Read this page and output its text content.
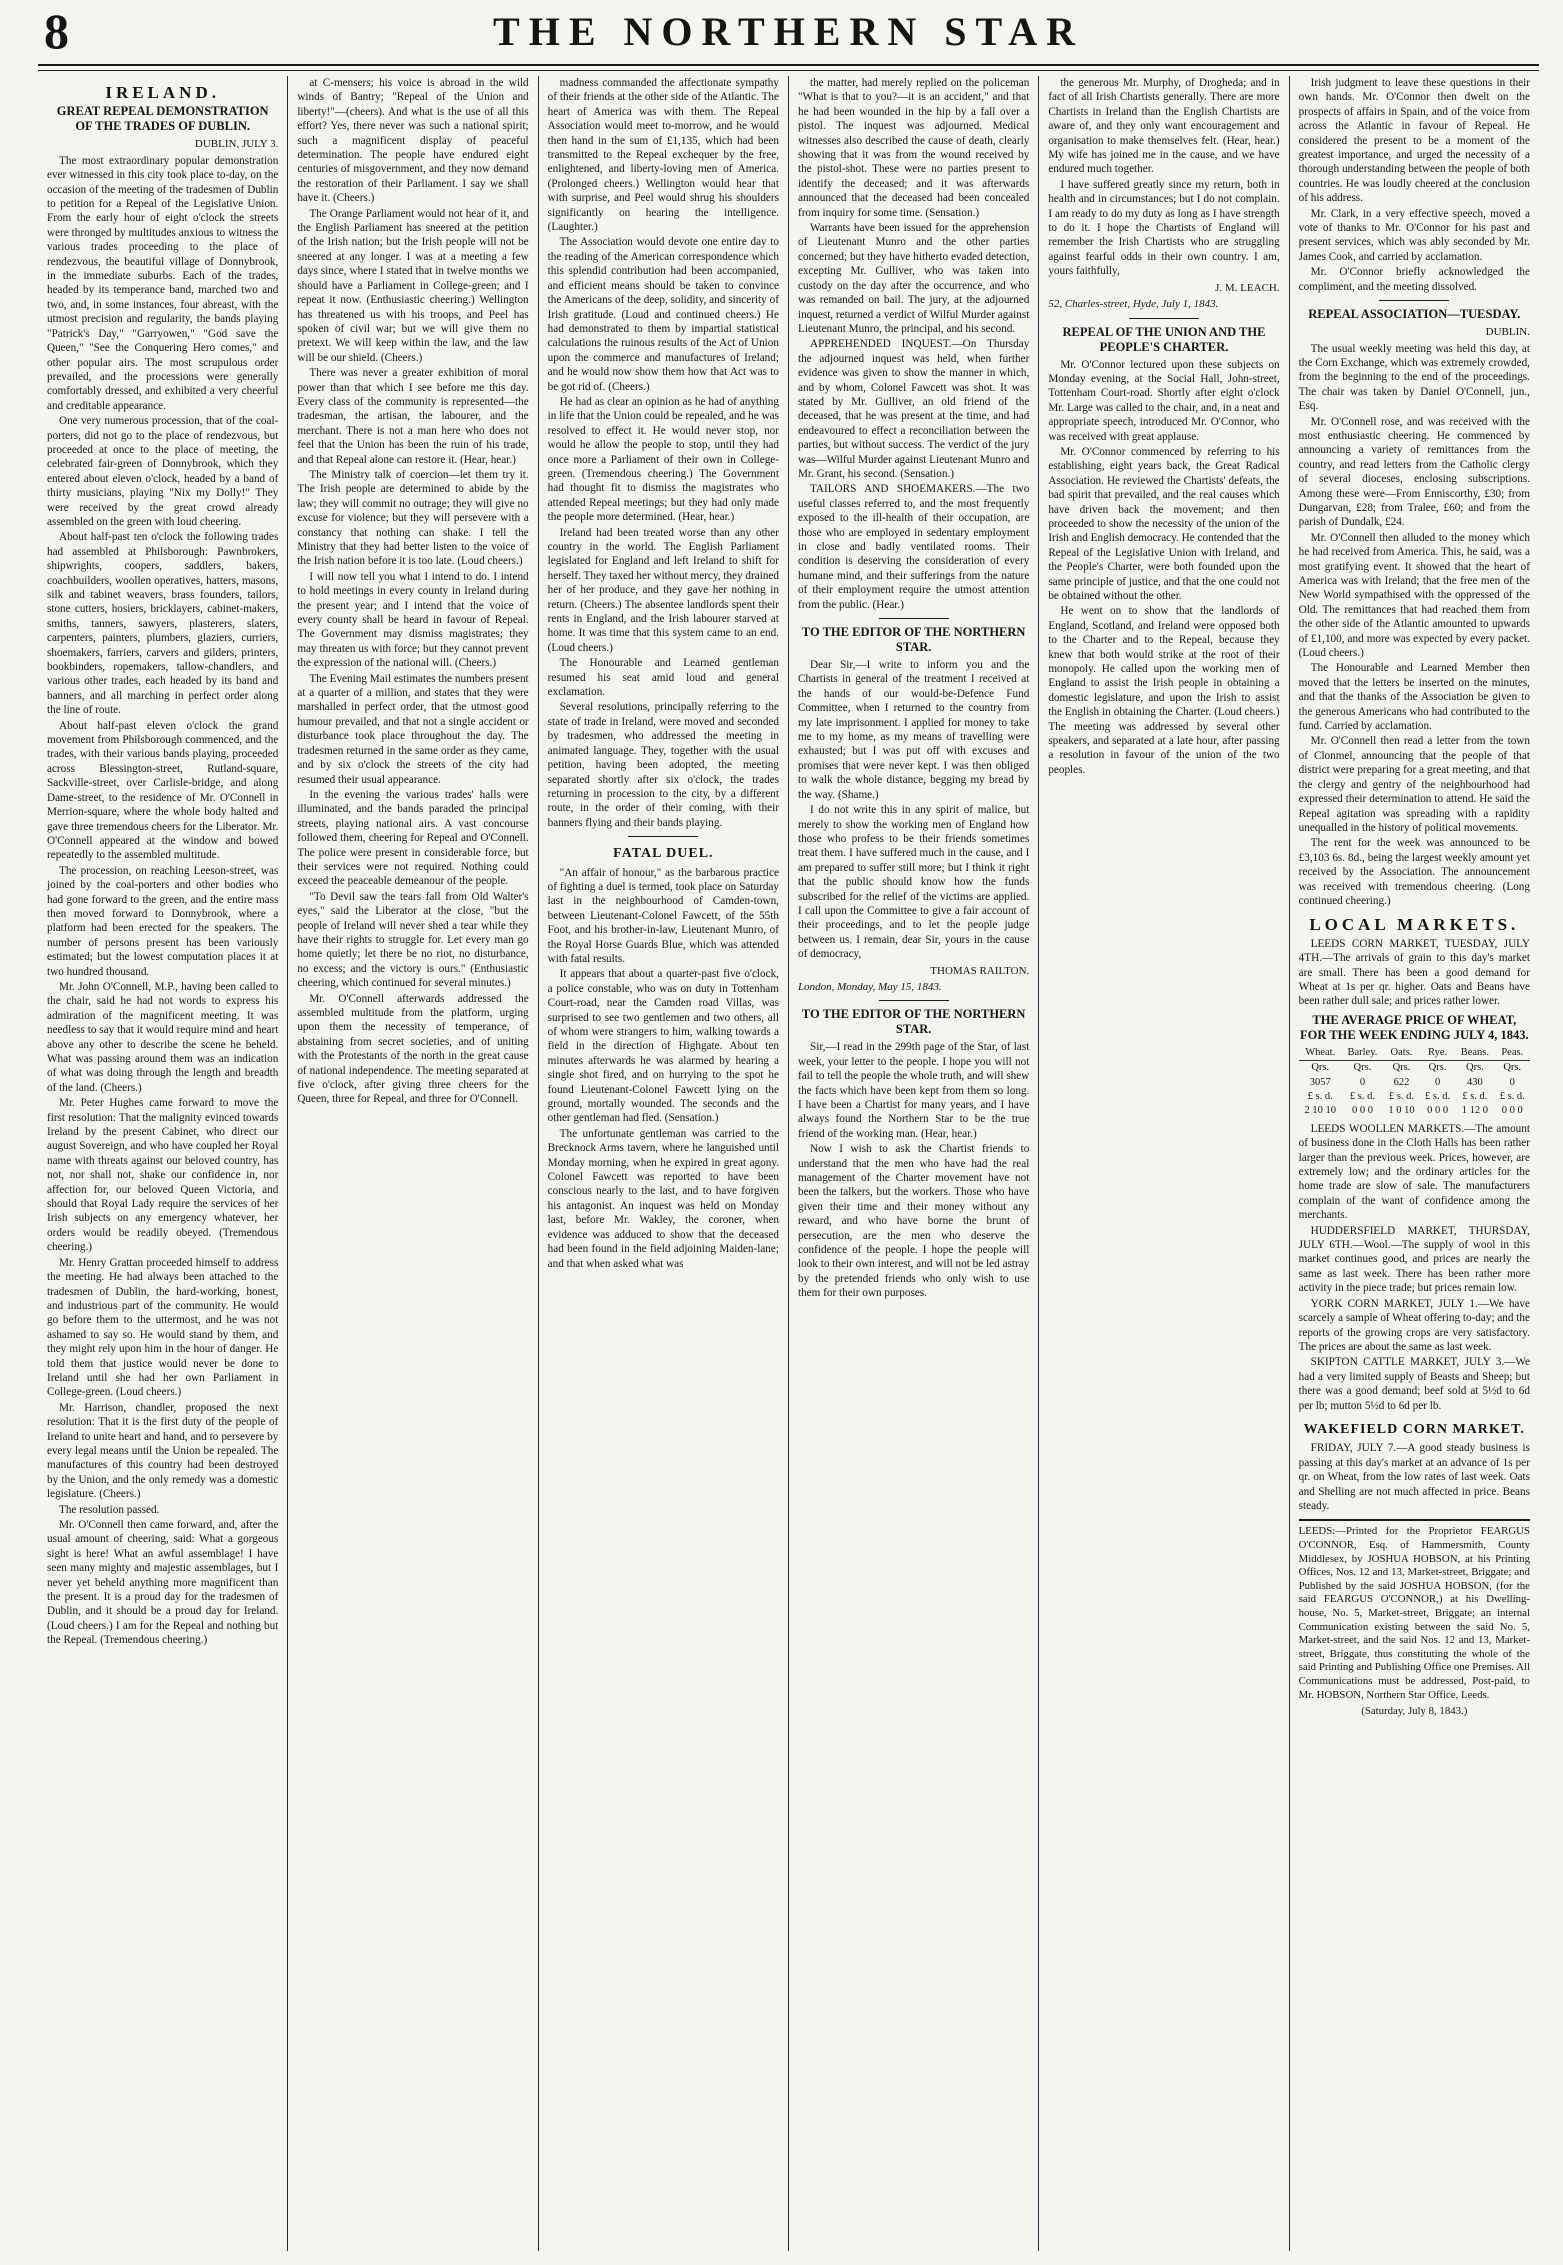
8	THE NORTHERN STAR
IRELAND.
GREAT REPEAL DEMONSTRATION OF THE TRADES OF DUBLIN.
DUBLIN, JULY 3.

The most extraordinary popular demonstration ever witnessed in this city took place to-day, on the occasion of the meeting of the tradesmen of Dublin to petition for a Repeal of the Legislative Union. From the early hour of eight o'clock the streets were thronged by multitudes anxious to witness the various trades proceeding to the place of rendezvous, the beautiful village of Donnybrook, in the immediate suburbs. Each of the trades, headed by its temperance band, marched two and two, and, in some instances, four abreast, with the utmost precision and regularity, the bands playing "Patrick's Day," "Garryowen," "God save the Queen," "See the Conquering Hero comes," and other popular airs. The most scrupulous order prevailed, and the processions were generally comfortably dressed, and exhibited a very cheerful and creditable appearance.

One very numerous procession, that of the coal-porters, did not go to the place of rendezvous, but proceeded at once to the place of meeting, the celebrated fair-green of Donnybrook, which they entered about eleven o'clock, headed by a band of thirty musicians, playing "Nix my Dolly!" They were received by the great crowd already assembled on the green with loud cheering.

About half-past ten o'clock the following trades had assembled at Philsborough: Pawnbrokers, shipwrights, coopers, saddlers, bakers, coachbuilders, woollen operatives, hatters, masons, silk and tabinet weavers, brass founders, tailors, stone cutters, hosiers, bricklayers, cabinet-makers, smiths, tanners, sawyers, plasterers, slaters, carpenters, painters, plumbers, glaziers, curriers, shoemakers, farriers, carvers and gilders, printers, bookbinders, ropemakers, tallow-chandlers, and various other trades, each headed by its band and banners, and all marching in perfect order along the line of route.

About half-past eleven o'clock the grand movement from Philsborough commenced, and the trades, with their various bands playing, proceeded across Blessington-street, Rutland-square, Sackville-street, over Carlisle-bridge, and along Dame-street, to the residence of Mr. O'Connell in Merrion-square, where the whole body halted and gave three tremendous cheers for the Liberator. Mr. O'Connell appeared at the window and bowed repeatedly to the assembled multitude.

The procession, on reaching Leeson-street, was joined by the coal-porters and other bodies who had gone forward to the green, and the entire mass then moved forward to Donnybrook, where a platform had been erected for the speakers. The number of persons present has been variously estimated; but the lowest computation places it at two hundred thousand.

Mr. John O'Connell, M.P., having been called to the chair, said he had not words to express his admiration of the magnificent meeting. It was needless to say that it would require mind and heart above any other to describe the scene he beheld. What was passing around them was an indication of what was doing through the length and breadth of the land. (Cheers.)

Mr. Peter Hughes came forward to move the first resolution: That the malignity evinced towards Ireland by the present Cabinet, who direct our august Sovereign, and who have coupled her Royal name with threats against our beloved country, has not, nor shall not, shake our confidence in, nor affection for, our beloved Queen Victoria, and should that Royal Lady require the services of her Irish subjects on any emergency whatever, her orders would be readily obeyed. (Tremendous cheering.)

Mr. Henry Grattan proceeded himself to address the meeting. He had always been attached to the tradesmen of Dublin, the hard-working, honest, and industrious part of the community. He would go before them to the uttermost, and he was not ashamed to say so. He would stand by them, and they might rely upon him in the hour of danger. He told them that justice would never be done to Ireland until she had her own Parliament in College-green. (Loud cheers.)

Mr. Harrison, chandler, proposed the next resolution: That it is the first duty of the people of Ireland to unite heart and hand, and to persevere by every legal means until the Union be repealed. The manufactures of this country had been destroyed by the Union, and the only remedy was a domestic legislature. (Cheers.)

The resolution passed.

Mr. O'Connell then came forward, and, after the usual amount of cheering, said: What a gorgeous sight is here! What an awful assemblage! I have seen many mighty and majestic assemblages, but I never yet beheld anything more magnificent than the present. It is a proud day for the tradesmen of Dublin, and it should be a proud day for Ireland. (Loud cheers.) I am for the Repeal and nothing but the Repeal. (Tremendous cheering.)

at C-mensers; his voice is abroad in the wild winds of Bantry; "Repeal of the Union and liberty!"—(cheers). And what is the use of all this effort? Yes, there never was such a national spirit; such a magnificent display of peaceful determination. The people have endured eight centuries of misgovernment, and they now demand the restoration of their Parliament. I say we shall have it. (Cheers.)

The Orange Parliament would not hear of it, and the English Parliament has sneered at the petition of the Irish nation; but the Irish people will not be sneered at any longer. I was at a meeting a few days since, where I stated that in twelve months we should have a Parliament in College-green; and I repeat it now. (Enthusiastic cheering.) Wellington has threatened us with his troops, and Peel has spoken of civil war; but we will give them no pretext. We will keep within the law, and the law will be our shield. (Cheers.)

There was never a greater exhibition of moral power than that which I see before me this day. Every class of the community is represented—the tradesman, the artisan, the labourer, and the merchant. There is not a man here who does not feel that the Union has been the ruin of his trade, and that Repeal alone can restore it. (Hear, hear.)

The Ministry talk of coercion—let them try it. The Irish people are determined to abide by the law; they will commit no outrage; they will give no excuse for violence; but they will persevere with a constancy that nothing can shake. I tell the Ministry that they had better listen to the voice of the Irish nation before it is too late. (Loud cheers.)

I will now tell you what I intend to do. I intend to hold meetings in every county in Ireland during the present year; and I intend that the voice of every county shall be heard in favour of Repeal. The Government may dismiss magistrates; they may threaten us with force; but they cannot prevent the expression of the national will. (Cheers.)

The Evening Mail estimates the numbers present at a quarter of a million, and states that they were marshalled in perfect order, that the utmost good humour prevailed, and that not a single accident or disturbance took place throughout the day. The tradesmen returned in the same order as they came, and by six o'clock the streets of the city had resumed their usual appearance.

In the evening the various trades' halls were illuminated, and the bands paraded the principal streets, playing national airs. A vast concourse followed them, cheering for Repeal and O'Connell. The police were present in considerable force, but their services were not required. Nothing could exceed the peaceable demeanour of the people.

"To Devil saw the tears fall from Old Walter's eyes," said the Liberator at the close, "but the people of Ireland will never shed a tear while they have their rights to struggle for. Let every man go home quietly; let there be no riot, no disturbance, no excess; and the victory is ours." (Enthusiastic cheering, which continued for several minutes.)

Mr. O'Connell afterwards addressed the assembled multitude from the platform, urging upon them the necessity of temperance, of abstaining from secret societies, and of uniting with the Protestants of the north in the great cause of national independence. The meeting separated at five o'clock, after giving three cheers for the Queen, three for Repeal, and three for O'Connell.

madness commanded the affectionate sympathy of their friends at the other side of the Atlantic. The heart of America was with them. The Repeal Association would meet to-morrow, and he would then hand in the sum of £1,135, which had been transmitted to the Repeal exchequer by the free, enlightened, and liberty-loving men of America. (Prolonged cheers.) Wellington would hear that with surprise, and Peel would shrug his shoulders significantly on hearing the intelligence. (Laughter.)

The Association would devote one entire day to the reading of the American correspondence which this splendid contribution had been accompanied, and efficient means should be taken to convince the Americans of the deep, solidity, and sincerity of Irish gratitude. (Loud and continued cheers.) He had demonstrated to them by impartial statistical calculations the ruinous results of the Act of Union upon the commerce and manufactures of Ireland; and he would now show them how that Act was to be got rid of. (Cheers.)

He had as clear an opinion as he had of anything in life that the Union could be repealed, and he was resolved to effect it. He would never stop, nor would he allow the people to stop, until they had once more a Parliament of their own in College-green. (Tremendous cheering.) The Government had thought fit to dismiss the magistrates who attended Repeal meetings; but they had only made the people more determined. (Hear, hear.)

Ireland had been treated worse than any other country in the world. The English Parliament legislated for England and left Ireland to shift for herself. They taxed her without mercy, they drained her of her produce, and they gave her nothing in return. (Cheers.) The absentee landlords spent their rents in England, and the Irish labourer starved at home. It was time that this system came to an end. (Loud cheers.)

The Honourable and Learned gentleman resumed his seat amid loud and general exclamation.

Several resolutions, principally referring to the state of trade in Ireland, were moved and seconded by tradesmen, who addressed the meeting in animated language. They, together with the usual petition, having been adopted, the meeting separated shortly after six o'clock, the trades returning in procession to the city, by a different route, in the order of their coming, with their banners flying and their bands playing.

FATAL DUEL.

"An affair of honour," as the barbarous practice of fighting a duel is termed, took place on Saturday last in the neighbourhood of Camden-town, between Lieutenant-Colonel Fawcett, of the 55th Foot, and his brother-in-law, Lieutenant Munro, of the Royal Horse Guards Blue, which was attended with fatal results.

It appears that about a quarter-past five o'clock, a police constable, who was on duty in Tottenham Court-road, near the Camden road Villas, was surprised to see two gentlemen and two others, all of whom were strangers to him, walking towards a field in the direction of Highgate. About ten minutes afterwards he was alarmed by hearing a single shot fired, and on hurrying to the spot he found Lieutenant-Colonel Fawcett lying on the ground, mortally wounded. The seconds and the other gentleman had fled. (Sensation.)

The unfortunate gentleman was carried to the Brecknock Arms tavern, where he languished until Monday morning, when he expired in great agony. Colonel Fawcett was reported to have been conscious nearly to the last, and to have forgiven his antagonist. An inquest was held on Monday last, before Mr. Wakley, the coroner, when evidence was adduced to show that the deceased had been found in the field adjoining Maiden-lane; and that when asked what was

the matter, had merely replied on the policeman "What is that to you?—it is an accident," and that he had been wounded in the hip by a fall over a pistol. The inquest was adjourned. Medical witnesses also described the cause of death, clearly showing that it was from the wound received by the pistol-shot. These were no parties present to identify the deceased; and it was afterwards announced that the deceased had been concealed from inquiry for some time. (Sensation.)

Warrants have been issued for the apprehension of Lieutenant Munro and the other parties concerned; but they have hitherto evaded detection, excepting Mr. Gulliver, who was taken into custody on the day after the occurrence, and who was remanded on bail. The jury, at the adjourned inquest, returned a verdict of Wilful Murder against Lieutenant Munro, the principal, and his second.

APPREHENDED INQUEST.—On Thursday the adjourned inquest was held, when further evidence was given to show the manner in which, and by whom, Colonel Fawcett was shot. It was stated by Mr. Gulliver, an old friend of the deceased, that he was present at the time, and had endeavoured to effect a reconciliation between the parties, but without success. The verdict of the jury was—Wilful Murder against Lieutenant Munro and Mr. Grant, his second. (Sensation.)

TAILORS AND SHOEMAKERS.—The two useful classes referred to, and the most frequently exposed to the ill-health of their occupation, are those who are employed in sedentary employment in close and badly ventilated rooms. Their condition is deserving the consideration of every humane mind, and their sufferings from the nature of their employment require the utmost attention from the public. (Hear.)

TO THE EDITOR OF THE NORTHERN STAR.

Dear Sir,—I write to inform you and the Chartists in general of the treatment I received at the hands of our would-be-Defence Fund Committee, when I returned to the country from my late imprisonment. I applied for money to take me to my home, as my means of travelling were exhausted; but I was put off with excuses and promises that were never kept. I was then obliged to walk the whole distance, begging my bread by the way. (Shame.)

I do not write this in any spirit of malice, but merely to show the working men of England how those who profess to be their friends sometimes treat them. I have suffered much in the cause, and I am prepared to suffer still more; but I think it right that the public should know how the funds subscribed for the relief of the victims are applied. I call upon the Committee to give a fair account of their proceedings, and to let the people judge between us. I remain, dear Sir, yours in the cause of democracy,

THOMAS RAILTON.
London, Monday, May 15, 1843.
TO THE EDITOR OF THE NORTHERN STAR.

Sir,—I read in the 299th page of the Star, of last week, your letter to the people. I hope you will not fail to tell the people the whole truth, and will shew the facts which have been kept from them so long. I have been a Chartist for many years, and I have always found the Northern Star to be the true friend of the working man. (Hear, hear.)

Now I wish to ask the Chartist friends to understand that the men who have had the real management of the Charter movement have not been the talkers, but the workers. Those who have given their time and their money without any reward, and who have borne the brunt of persecution, are the men who deserve the confidence of the people. I hope the people will look to their own interest, and will not be led astray by the pretended friends who only wish to use them for their own purposes.

the generous Mr. Murphy, of Drogheda; and in fact of all Irish Chartists generally. There are more Chartists in Ireland than the English Chartists are aware of, and they only want encouragement and organisation to make themselves felt. (Hear, hear.) My wife has joined me in the cause, and we have endured much together.

I have suffered greatly since my return, both in health and in circumstances; but I do not complain. I am ready to do my duty as long as I have strength to do it. I hope the Chartists of England will remember the Irish Chartists who are struggling against fearful odds in their own country. I am, yours faithfully,

J. M. LEACH.
52, Charles-street, Hyde, July 1, 1843.
REPEAL OF THE UNION AND THE PEOPLE'S CHARTER.

Mr. O'Connor lectured upon these subjects on Monday evening, at the Social Hall, John-street, Tottenham Court-road. Shortly after eight o'clock Mr. Large was called to the chair, and, in a neat and appropriate speech, introduced Mr. O'Connor, who was received with great applause.

Mr. O'Connor commenced by referring to his establishing, eight years back, the Great Radical Association. He reviewed the Chartists' defeats, the bad spirit that prevailed, and the real causes which have driven back the movement; and then proceeded to show the necessity of the union of the Irish and English democracy. He contended that the Repeal of the Legislative Union with Ireland, and the People's Charter, were both founded upon the same principle of justice, and that the one could not be obtained without the other.

He went on to show that the landlords of England, Scotland, and Ireland were opposed both to the Charter and to the Repeal, because they knew that both would strike at the root of their monopoly. He called upon the working men of England to assist the Irish people in obtaining a domestic legislature, and upon the Irish to assist the English in obtaining the Charter. (Loud cheers.) The meeting was addressed by several other speakers, and separated at a late hour, after passing a resolution in favour of the union of the two peoples.

Irish judgment to leave these questions in their own hands. Mr. O'Connor then dwelt on the prospects of affairs in Spain, and of the voice from across the Atlantic in favour of Repeal. He considered the present to be a moment of the greatest importance, and urged the necessity of a thorough understanding between the people of both countries. He was loudly cheered at the conclusion of his address.

Mr. Clark, in a very effective speech, moved a vote of thanks to Mr. O'Connor for his past and present services, which was ably seconded by Mr. James Cook, and carried by acclamation.

Mr. O'Connor briefly acknowledged the compliment, and the meeting dissolved.

REPEAL ASSOCIATION—TUESDAY.
DUBLIN.

The usual weekly meeting was held this day, at the Corn Exchange, which was extremely crowded, from the beginning to the end of the proceedings. The chair was taken by Daniel O'Connell, jun., Esq.

Mr. O'Connell rose, and was received with the most enthusiastic cheering. He commenced by announcing a variety of remittances from the country, and read letters from the Catholic clergy of several dioceses, enclosing subscriptions. Among these were—From Enniscorthy, £30; from Dungarvan, £28; from Tralee, £60; and from the parish of Dundalk, £24.

Mr. O'Connell then alluded to the money which he had received from America. This, he said, was a most gratifying event. It showed that the heart of America was with Ireland; that the free men of the New World sympathised with the oppressed of the Old. The remittances that had reached them from the other side of the Atlantic amounted to upwards of £1,100, and more was expected by every packet. (Loud cheers.)

The Honourable and Learned Member then moved that the letters be inserted on the minutes, and that the thanks of the Association be given to the generous Americans who had contributed to the fund. Carried by acclamation.

Mr. O'Connell then read a letter from the town of Clonmel, announcing that the people of that district were preparing for a great meeting, and that the clergy and gentry of the neighbourhood had expressed their determination to attend. He said the Repeal agitation was spreading with a rapidity unequalled in the history of political movements.

The rent for the week was announced to be £3,103 6s. 8d., being the largest weekly amount yet received by the Association. The announcement was received with tremendous cheering. (Long continued cheering.)

LOCAL MARKETS.

LEEDS CORN MARKET, TUESDAY, JULY 4TH.—The arrivals of grain to this day's market are small. There has been a good demand for Wheat at 1s per qr. higher. Oats and Beans have been rather dull sale; and prices rather lower.

THE AVERAGE PRICE OF WHEAT, FOR THE WEEK ENDING JULY 4, 1843.
Wheat.	Barley.	Oats.	Rye.	Beans.	Peas.
Qrs.	Qrs.	Qrs.	Qrs.	Qrs.	Qrs.
3057	0	622	0	430	0
£ s. d.	£ s. d.	£ s. d.	£ s. d.	£ s. d.	£ s. d.
2 10 10	0 0 0	1 0 10	0 0 0	1 12 0	0 0 0

LEEDS WOOLLEN MARKETS.—The amount of business done in the Cloth Halls has been rather larger than the previous week. Prices, however, are extremely low; and the ordinary articles for the home trade are slow of sale. The manufacturers complain of the want of confidence among the merchants.

HUDDERSFIELD MARKET, THURSDAY, JULY 6TH.—Wool.—The supply of wool in this market continues good, and prices are nearly the same as last week. There has been rather more activity in the piece trade; but prices remain low.

YORK CORN MARKET, JULY 1.—We have scarcely a sample of Wheat offering to-day; and the reports of the growing crops are very satisfactory. The prices are about the same as last week.

SKIPTON CATTLE MARKET, JULY 3.—We had a very limited supply of Beasts and Sheep; but there was a good demand; beef sold at 5½d to 6d per lb; mutton 5½d to 6d per lb.

WAKEFIELD CORN MARKET.

FRIDAY, JULY 7.—A good steady business is passing at this day's market at an advance of 1s per qr. on Wheat, from the low rates of last week. Oats and Shelling are not much affected in price. Beans steady.

LEEDS:—Printed for the Proprietor FEARGUS O'CONNOR, Esq. of Hammersmith, County Middlesex, by JOSHUA HOBSON, at his Printing Offices, Nos. 12 and 13, Market-street, Briggate; and Published by the said JOSHUA HOBSON, (for the said FEARGUS O'CONNOR,) at his Dwelling-house, No. 5, Market-street, Briggate; an internal Communication existing between the said No. 5, Market-street, and the said Nos. 12 and 13, Market-street, Briggate, thus constituting the whole of the said Printing and Publishing Office one Premises. All Communications must be addressed, Post-paid, to Mr. HOBSON, Northern Star Office, Leeds.
(Saturday, July 8, 1843.)
